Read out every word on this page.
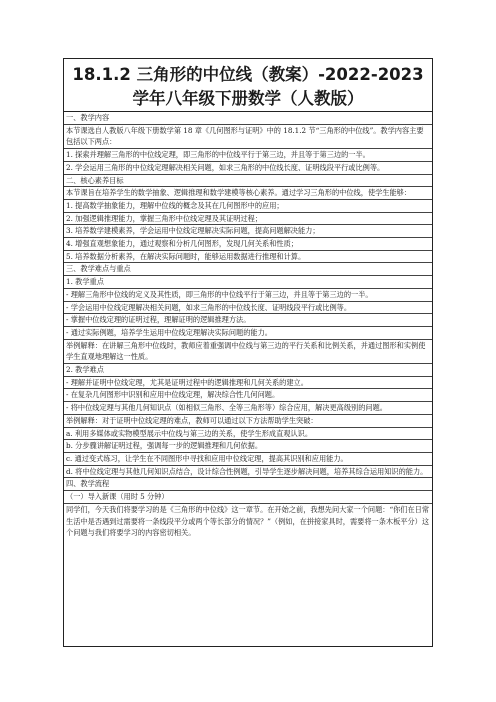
18.1.2 三角形的中位线（教案）-2022-2023
学年八年级下册数学（人教版）
一、教学内容
本节课选自人教版八年级下册数学第 18 章《几何图形与证明》中的 18.1.2 节“三角形的中位线”。教学内容主要包括以下两点：
1. 探索并理解三角形的中位线定理，即三角形的中位线平行于第三边，并且等于第三边的一半。
2. 学会运用三角形的中位线定理解决相关问题，如求三角形的中位线长度、证明线段平行或比例等。
二、核心素养目标
本节课旨在培养学生的数学抽象、逻辑推理和数学建模等核心素养。通过学习三角形的中位线，使学生能够：
1. 提高数学抽象能力，理解中位线的概念及其在几何图形中的应用；
2. 加强逻辑推理能力，掌握三角形中位线定理及其证明过程；
3. 培养数学建模素养，学会运用中位线定理解决实际问题，提高问题解决能力；
4. 增强直观想象能力，通过观察和分析几何图形，发现几何关系和性质；
5. 培养数据分析素养，在解决实际问题时，能够运用数据进行推理和计算。
三、教学难点与重点
1. 教学重点
- 理解三角形中位线的定义及其性质，即三角形的中位线平行于第三边，并且等于第三边的一半。
- 学会运用中位线定理解决相关问题，如求三角形的中位线长度、证明线段平行或比例等。
- 掌握中位线定理的证明过程，理解证明的逻辑推理方法。
- 通过实际例题，培养学生运用中位线定理解决实际问题的能力。
举例解释：在讲解三角形中位线时，教师应着重强调中位线与第三边的平行关系和比例关系，并通过图形和实例使学生直观地理解这一性质。
2. 教学难点
- 理解并证明中位线定理，尤其是证明过程中的逻辑推理和几何关系的建立。
- 在复杂几何图形中识别和应用中位线定理，解决综合性几何问题。
- 将中位线定理与其他几何知识点（如相似三角形、全等三角形等）综合应用，解决更高级别的问题。
举例解释：对于证明中位线定理的难点，教师可以通过以下方法帮助学生突破：
a. 利用多媒体或实物模型展示中位线与第三边的关系，使学生形成直观认识。
b. 分步骤讲解证明过程，强调每一步的逻辑推理和几何依据。
c. 通过变式练习，让学生在不同图形中寻找和应用中位线定理，提高其识别和应用能力。
d. 将中位线定理与其他几何知识点结合，设计综合性例题，引导学生逐步解决问题，培养其综合运用知识的能力。
四、教学流程
（一）导入新课（用时 5 分钟）
同学们，今天我们将要学习的是《三角形的中位线》这一章节。在开始之前，我想先问大家一个问题：“你们在日常生活中是否遇到过需要将一条线段平分或两个等长部分的情况？”（例如，在拼接家具时，需要将一条木板平分）这个问题与我们将要学习的内容密切相关。
